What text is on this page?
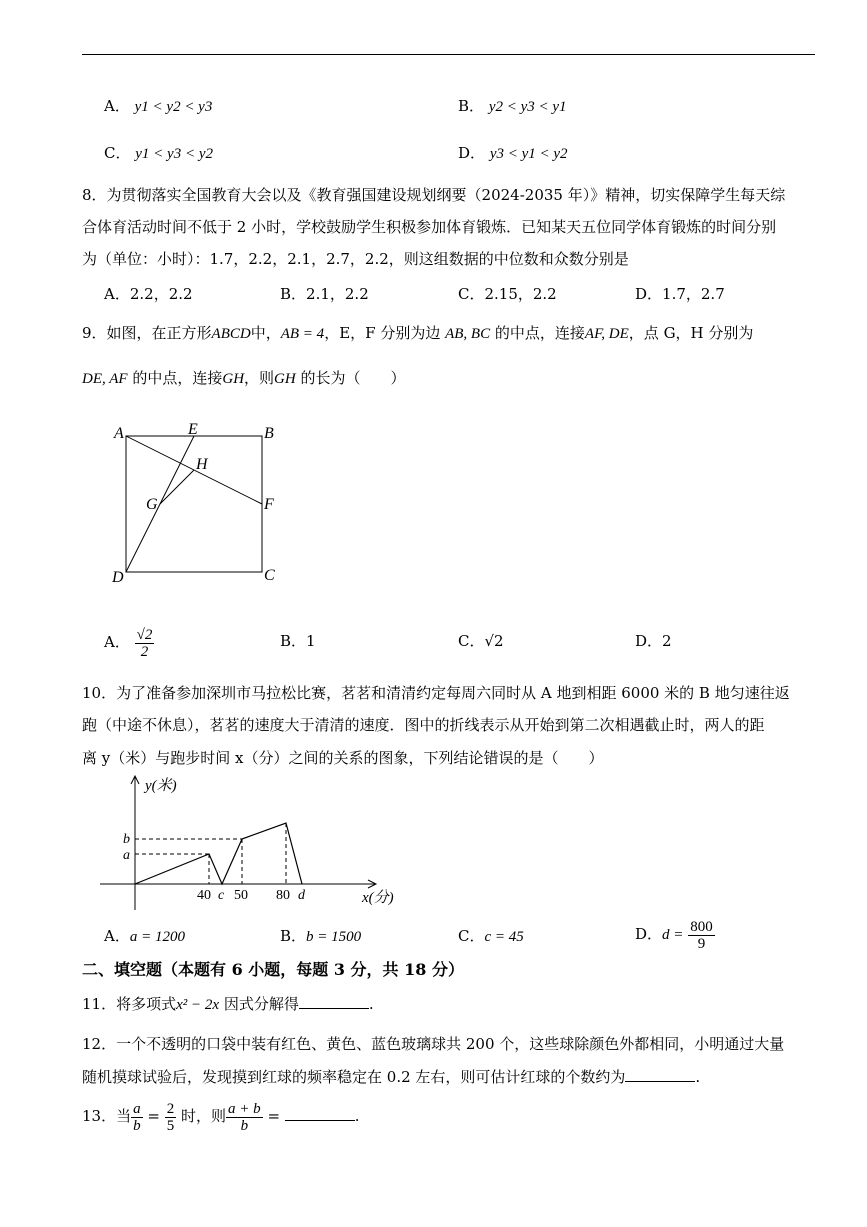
A． y1 < y2 < y3	B． y2 < y3 < y1
C． y1 < y3 < y2	D． y3 < y1 < y2
8．为贯彻落实全国教育大会以及《教育强国建设规划纲要（2024-2035 年）》精神，切实保障学生每天综
合体育活动时间不低于 2 小时，学校鼓励学生积极参加体育锻炼．已知某天五位同学体育锻炼的时间分别
为（单位：小时）：1.7，2.2，2.1，2.7，2.2，则这组数据的中位数和众数分别是
A．2.2，2.2	B．2.1，2.2	C．2.15，2.2	D．1.7，2.7
9．如图，在正方形ABCD中，AB = 4，E，F 分别为边 AB, BC 的中点，连接AF, DE，点 G，H 分别为
DE, AF 的中点，连接GH，则GH 的长为（　　）
A	B
C
D
E
F
G
H
A． $\frac{√2}{2}$	B．1	C．√2	D．2
10．为了准备参加深圳市马拉松比赛，茗茗和清清约定每周六同时从 A 地到相距 6000 米的 B 地匀速往返
跑（中途不休息），茗茗的速度大于清清的速度．图中的折线表示从开始到第二次相遇截止时，两人的距
离 y（米）与跑步时间 x（分）之间的关系的图象，下列结论错误的是（　　）
y(米)
x(分)
b
a
40 c 50 80 d
A．a = 1200	B．b = 1500	C．c = 45	D．$d = \frac{800}{9}$
二、填空题（本题有 6 小题，每题 3 分，共 18 分）
11．将多项式x² − 2x 因式分解得	.
12．一个不透明的口袋中装有红色、黄色、蓝色玻璃球共 200 个，这些球除颜色外都相同，小明通过大量
随机摸球试验后，发现摸到红球的频率稳定在 0.2 左右，则可估计红球的个数约为	.
13．当 $\frac{a}{b} = \frac{2}{5}$ 时，则 $\frac{a + b}{b}$ =	.
